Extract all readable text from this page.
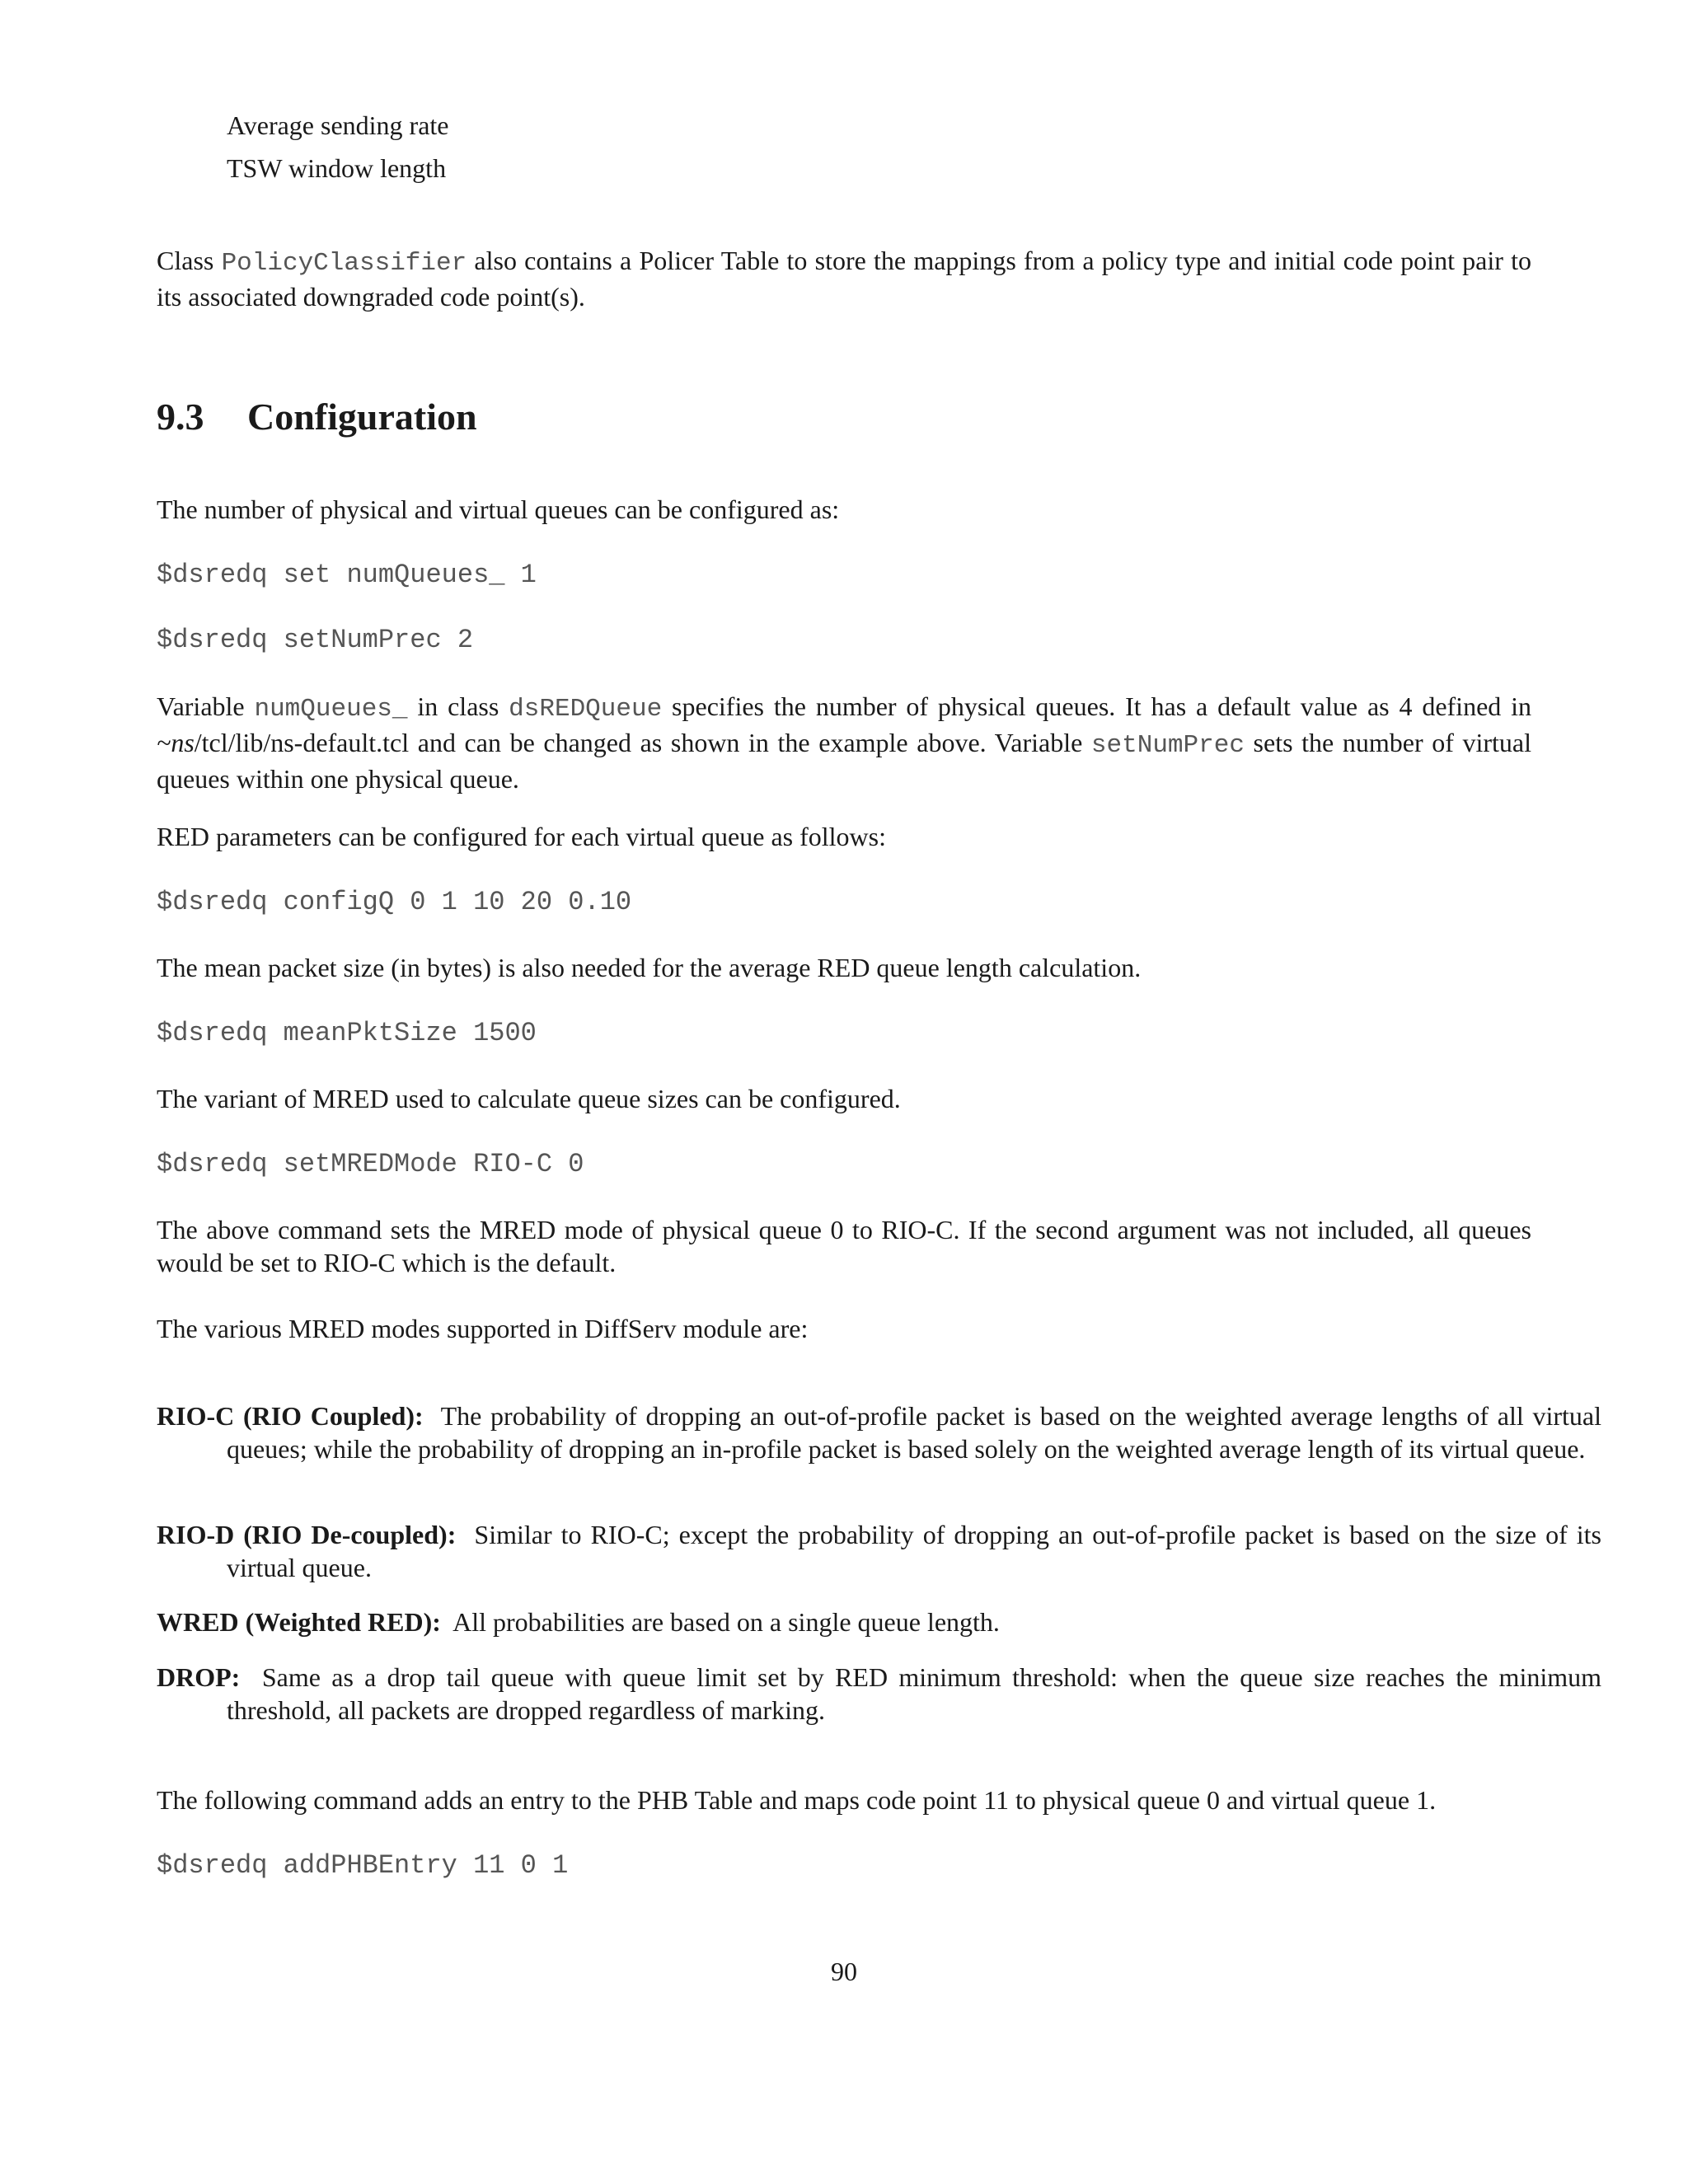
Average sending rate

TSW window length

Class PolicyClassifier also contains a Policer Table to store the mappings from a policy type and initial code point pair to its associated downgraded code point(s).

9.3 Configuration

The number of physical and virtual queues can be configured as:

$dsredq set numQueues_ 1

$dsredq setNumPrec 2

Variable numQueues_ in class dsREDQueue specifies the number of physical queues. It has a default value as 4 defined in ~ns/tcl/lib/ns-default.tcl and can be changed as shown in the example above. Variable setNumPrec sets the number of virtual queues within one physical queue.

RED parameters can be configured for each virtual queue as follows:

$dsredq configQ 0 1 10 20 0.10

The mean packet size (in bytes) is also needed for the average RED queue length calculation.

$dsredq meanPktSize 1500

The variant of MRED used to calculate queue sizes can be configured.

$dsredq setMREDMode RIO-C 0

The above command sets the MRED mode of physical queue 0 to RIO-C. If the second argument was not included, all queues would be set to RIO-C which is the default.

The various MRED modes supported in DiffServ module are:

RIO-C (RIO Coupled): The probability of dropping an out-of-profile packet is based on the weighted average lengths of all virtual queues; while the probability of dropping an in-profile packet is based solely on the weighted average length of its virtual queue.

RIO-D (RIO De-coupled): Similar to RIO-C; except the probability of dropping an out-of-profile packet is based on the size of its virtual queue.

WRED (Weighted RED): All probabilities are based on a single queue length.

DROP: Same as a drop tail queue with queue limit set by RED minimum threshold: when the queue size reaches the minimum threshold, all packets are dropped regardless of marking.

The following command adds an entry to the PHB Table and maps code point 11 to physical queue 0 and virtual queue 1.

$dsredq addPHBEntry 11 0 1

90
